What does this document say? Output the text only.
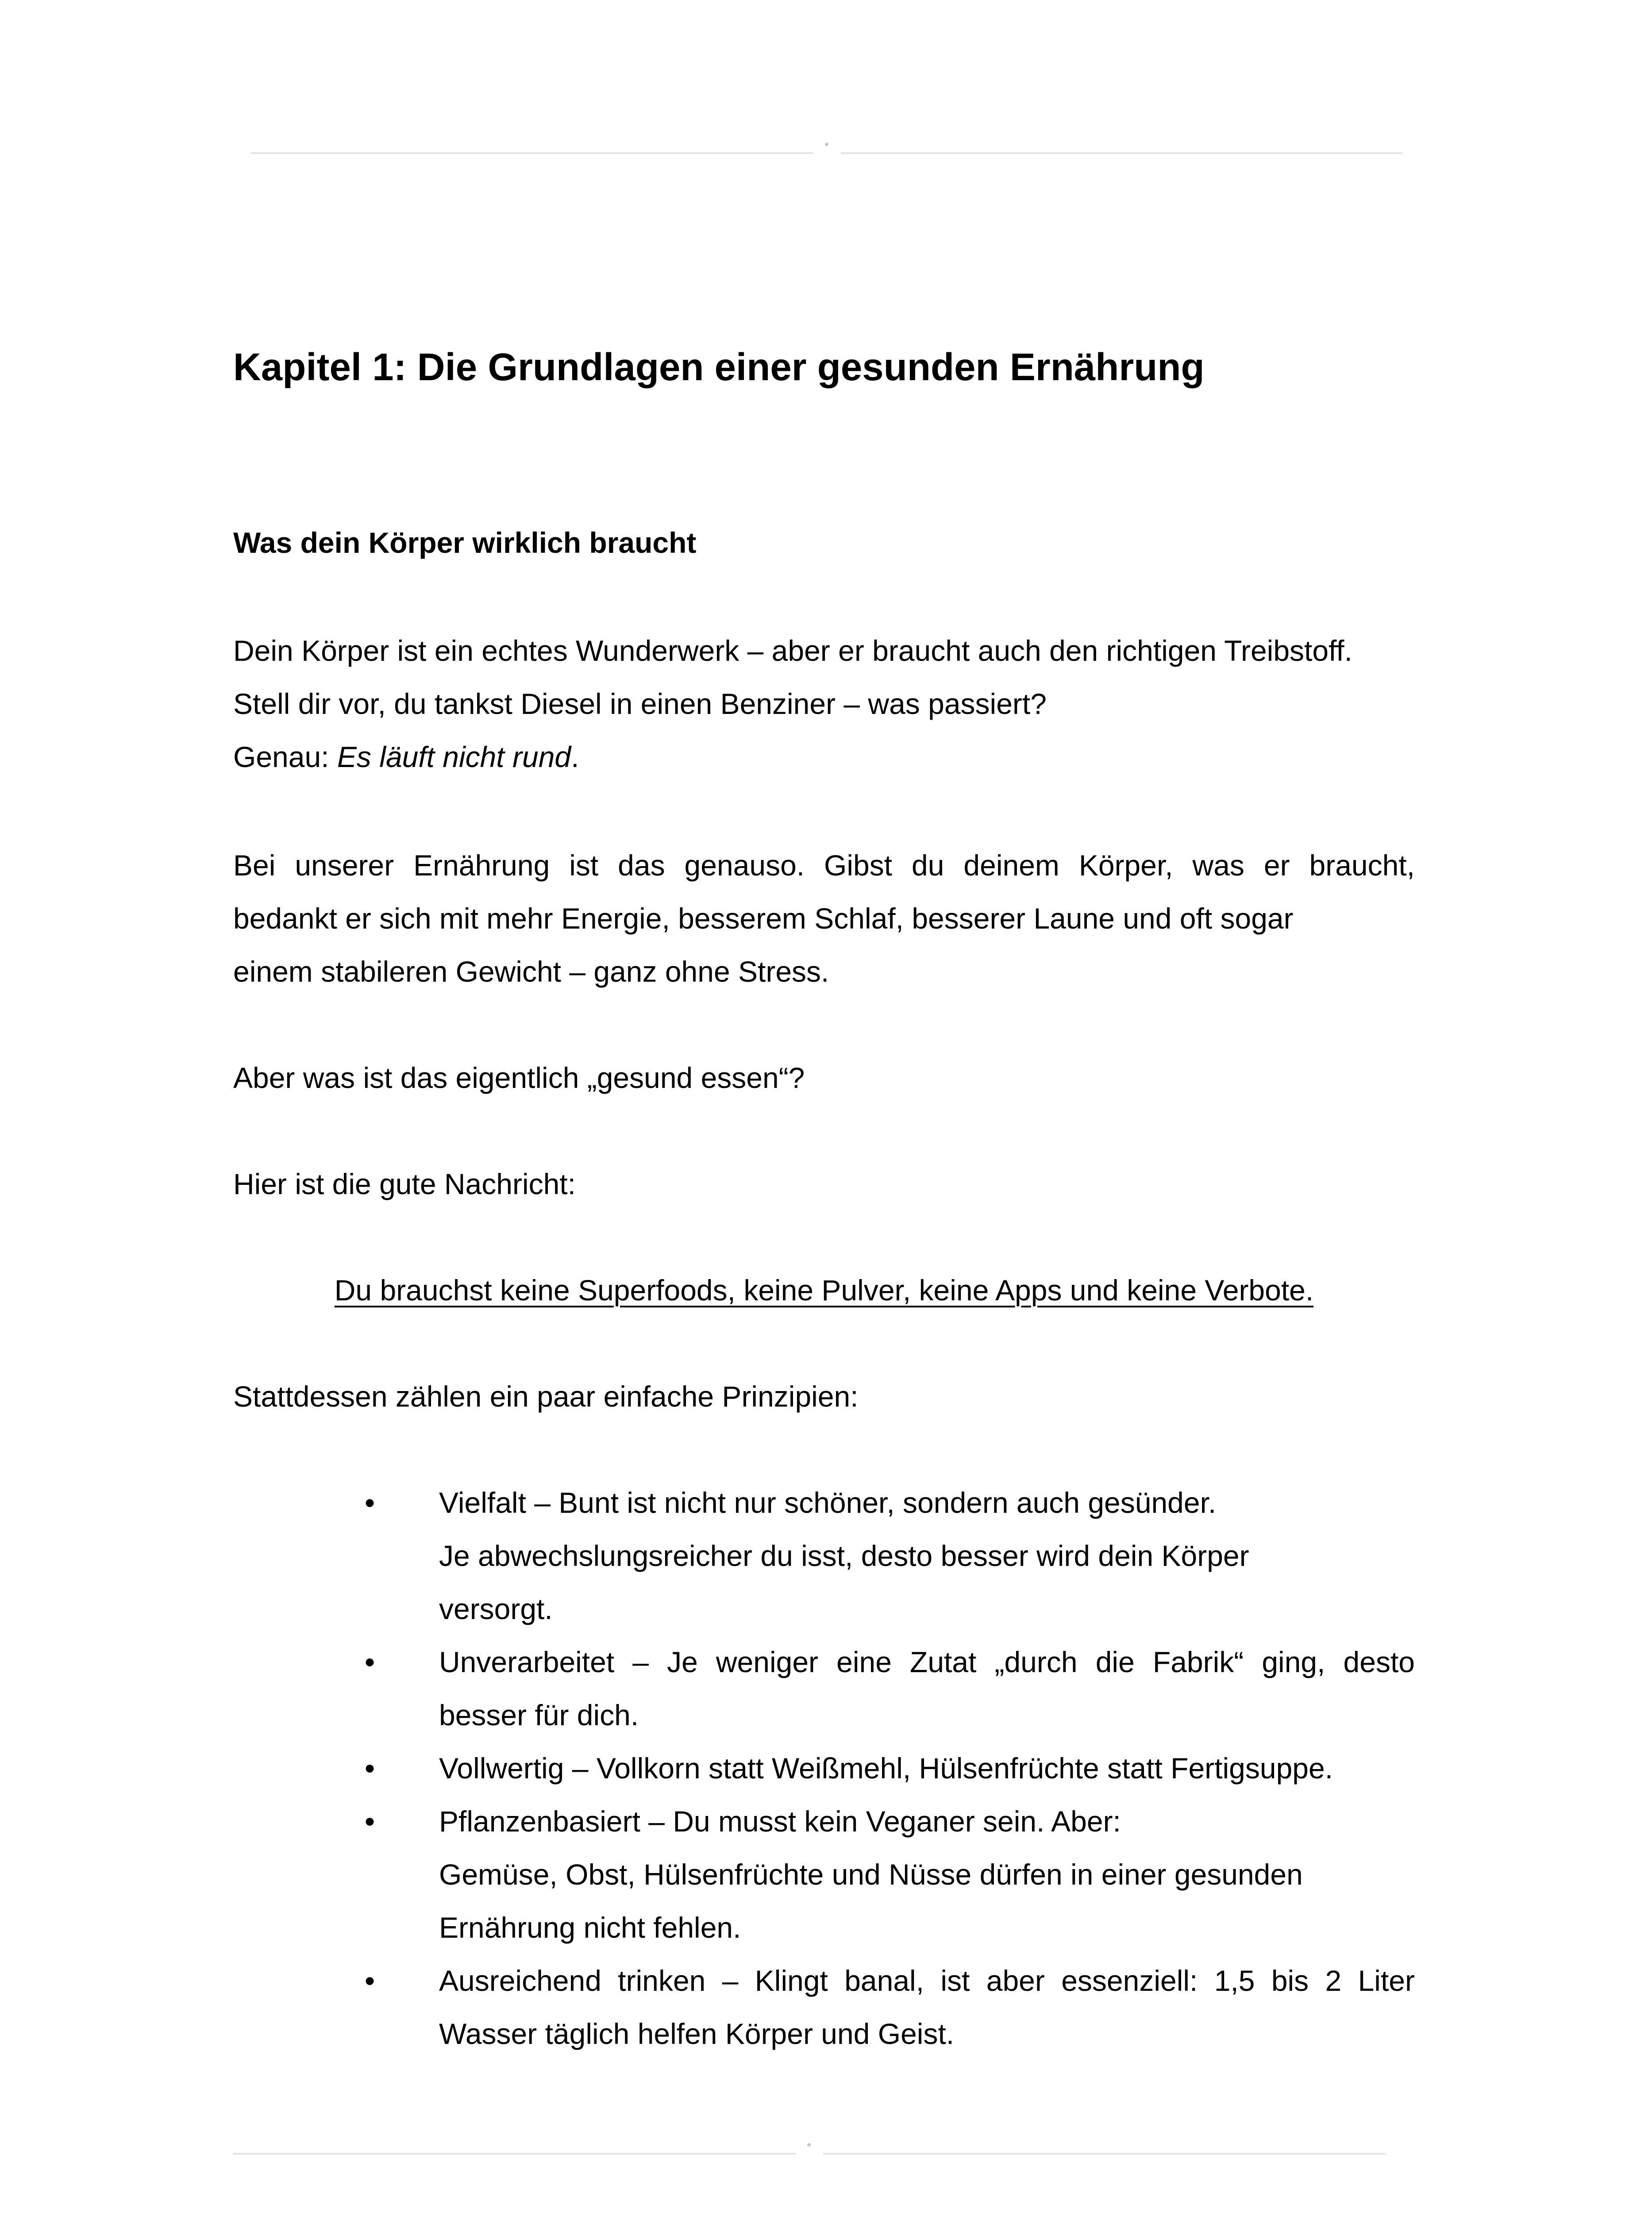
Kapitel 1: Die Grundlagen einer gesunden Ernährung
Was dein Körper wirklich braucht
Dein Körper ist ein echtes Wunderwerk – aber er braucht auch den richtigen Treibstoff.
Stell dir vor, du tankst Diesel in einen Benziner – was passiert?
Genau: Es läuft nicht rund.
Bei unserer Ernährung ist das genauso. Gibst du deinem Körper, was er braucht,
bedankt er sich mit mehr Energie, besserem Schlaf, besserer Laune und oft sogar
einem stabileren Gewicht – ganz ohne Stress.
Aber was ist das eigentlich „gesund essen“?
Hier ist die gute Nachricht:
Du brauchst keine Superfoods, keine Pulver, keine Apps und keine Verbote.
Stattdessen zählen ein paar einfache Prinzipien:
• Vielfalt – Bunt ist nicht nur schöner, sondern auch gesünder.
Je abwechslungsreicher du isst, desto besser wird dein Körper
versorgt.
• Unverarbeitet – Je weniger eine Zutat „durch die Fabrik“ ging, desto
besser für dich.
• Vollwertig – Vollkorn statt Weißmehl, Hülsenfrüchte statt Fertigsuppe.
• Pflanzenbasiert – Du musst kein Veganer sein. Aber:
Gemüse, Obst, Hülsenfrüchte und Nüsse dürfen in einer gesunden
Ernährung nicht fehlen.
• Ausreichend trinken – Klingt banal, ist aber essenziell: 1,5 bis 2 Liter
Wasser täglich helfen Körper und Geist.
